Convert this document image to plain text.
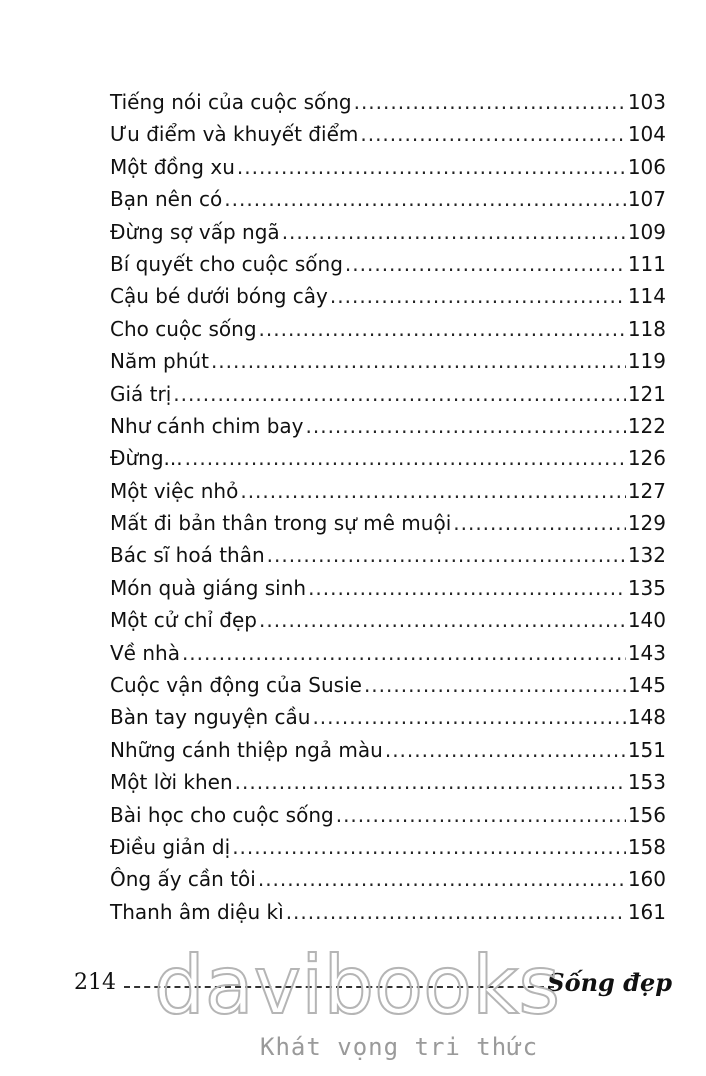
Tiếng nói của cuộc sống .....	103
Ưu điểm và khuyết điểm .....	104
Một đồng xu .....	106
Bạn nên có .....	107
Đừng sợ vấp ngã .....	109
Bí quyết cho cuộc sống .....	111
Cậu bé dưới bóng cây .....	114
Cho cuộc sống .....	118
Năm phút .....	119
Giá trị .....	121
Như cánh chim bay .....	122
Đừng... .....	126
Một việc nhỏ .....	127
Mất đi bản thân trong sự mê muội .....	129
Bác sĩ hoá thân .....	132
Món quà giáng sinh .....	135
Một cử chỉ đẹp .....	140
Về nhà .....	143
Cuộc vận động của Susie .....	145
Bàn tay nguyện cầu .....	148
Những cánh thiệp ngả màu .....	151
Một lời khen .....	153
Bài học cho cuộc sống .....	156
Điều giản dị .....	158
Ông ấy cần tôi .....	160
Thanh âm diệu kì .....	161
214	Sống đẹp
davibooks
Khát vọng tri thức
